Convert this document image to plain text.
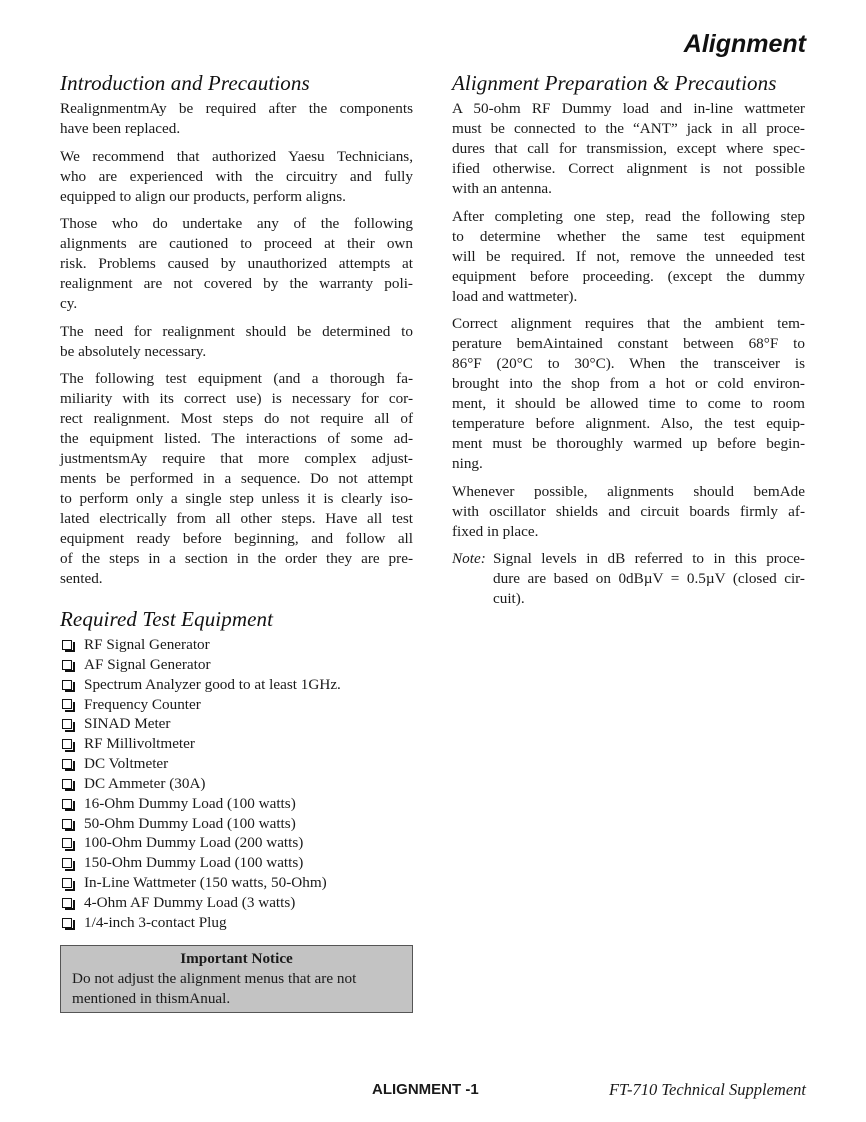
Alignment
Introduction and Precautions
RealignmentmAy be required after the components
have been replaced.
We recommend that authorized Yaesu Technicians,
who are experienced with the circuitry and fully
equipped to align our products, perform aligns.
Those who do undertake any of the following
alignments are cautioned to proceed at their own
risk. Problems caused by unauthorized attempts at
realignment are not covered by the warranty poli-
cy.
The need for realignment should be determined to
be absolutely necessary.
The following test equipment (and a thorough fa-
miliarity with its correct use) is necessary for cor-
rect realignment. Most steps do not require all of
the equipment listed. The interactions of some ad-
justmentsmAy require that more complex adjust-
ments be performed in a sequence. Do not attempt
to perform only a single step unless it is clearly iso-
lated electrically from all other steps. Have all test
equipment ready before beginning, and follow all
of the steps in a section in the order they are pre-
sented.
Required Test Equipment
RF Signal Generator
AF Signal Generator
Spectrum Analyzer good to at least 1GHz.
Frequency Counter
SINAD Meter
RF Millivoltmeter
DC Voltmeter
DC Ammeter (30A)
16-Ohm Dummy Load (100 watts)
50-Ohm Dummy Load (100 watts)
100-Ohm Dummy Load (200 watts)
150-Ohm Dummy Load (100 watts)
In-Line Wattmeter (150 watts, 50-Ohm)
4-Ohm AF Dummy Load (3 watts)
1/4-inch 3-contact Plug
Important Notice
Do not adjust the alignment menus that are not mentioned in thismAnual.
Alignment Preparation & Precautions
A 50-ohm RF Dummy load and in-line wattmeter
must be connected to the “ANT” jack in all proce-
dures that call for transmission, except where spec-
ified otherwise. Correct alignment is not possible
with an antenna.
After completing one step, read the following step
to determine whether the same test equipment
will be required. If not, remove the unneeded test
equipment before proceeding. (except the dummy
load and wattmeter).
Correct alignment requires that the ambient tem-
perature bemAintained constant between 68°F to
86°F (20°C to 30°C). When the transceiver is
brought into the shop from a hot or cold environ-
ment, it should be allowed time to come to room
temperature before alignment. Also, the test equip-
ment must be thoroughly warmed up before begin-
ning.
Whenever possible, alignments should bemAde
with oscillator shields and circuit boards firmly af-
fixed in place.
Note: Signal levels in dB referred to in this proce-
dure are based on 0dBµV = 0.5µV (closed cir-
cuit).
ALIGNMENT -1	FT-710 Technical Supplement
